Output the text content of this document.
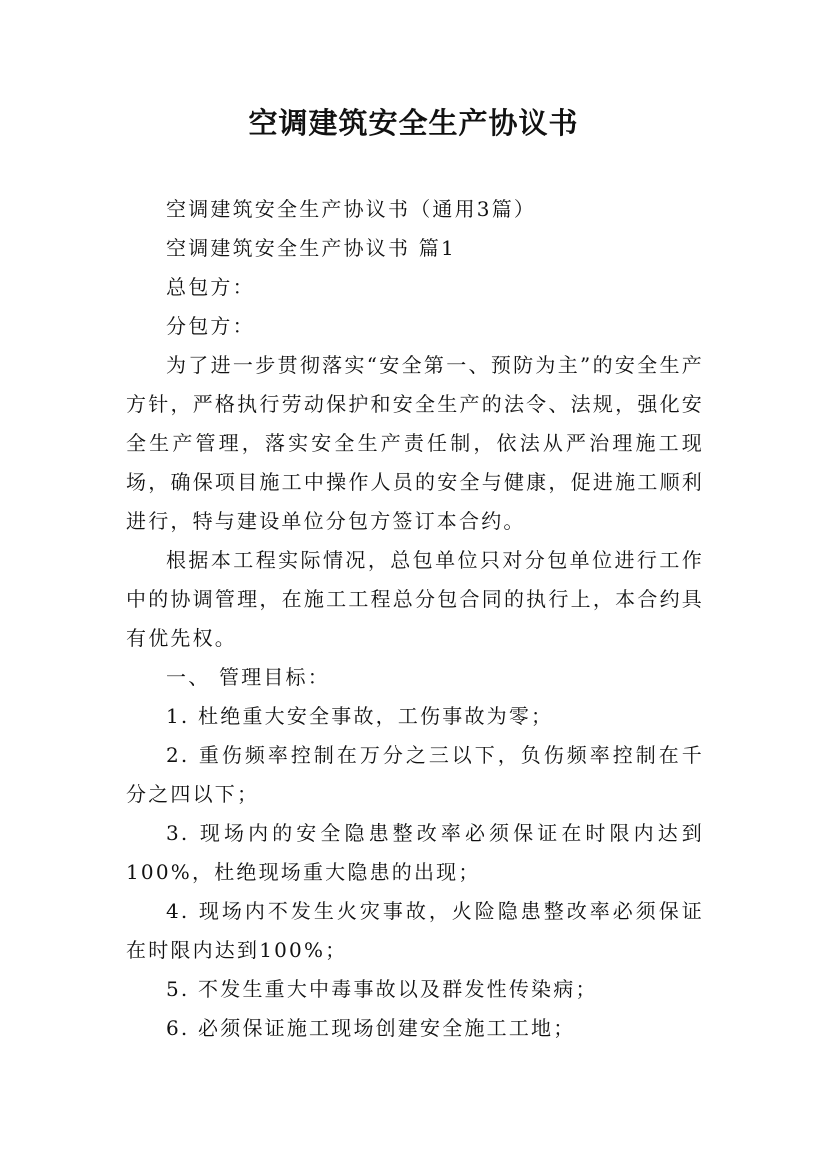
空调建筑安全生产协议书

空调建筑安全生产协议书（通用3篇）

空调建筑安全生产协议书 篇1

总包方：

分包方：

为了进一步贯彻落实“安全第一、预防为主”的安全生产方针，严格执行劳动保护和安全生产的法令、法规，强化安全生产管理，落实安全生产责任制，依法从严治理施工现场，确保项目施工中操作人员的安全与健康，促进施工顺利进行，特与建设单位分包方签订本合约。

根据本工程实际情况，总包单位只对分包单位进行工作中的协调管理，在施工工程总分包合同的执行上，本合约具有优先权。

一、 管理目标：

1. 杜绝重大安全事故，工伤事故为零；

2. 重伤频率控制在万分之三以下，负伤频率控制在千分之四以下；

3. 现场内的安全隐患整改率必须保证在时限内达到100%，杜绝现场重大隐患的出现；

4. 现场内不发生火灾事故，火险隐患整改率必须保证在时限内达到100%；

5. 不发生重大中毒事故以及群发性传染病；

6. 必须保证施工现场创建安全施工工地；
